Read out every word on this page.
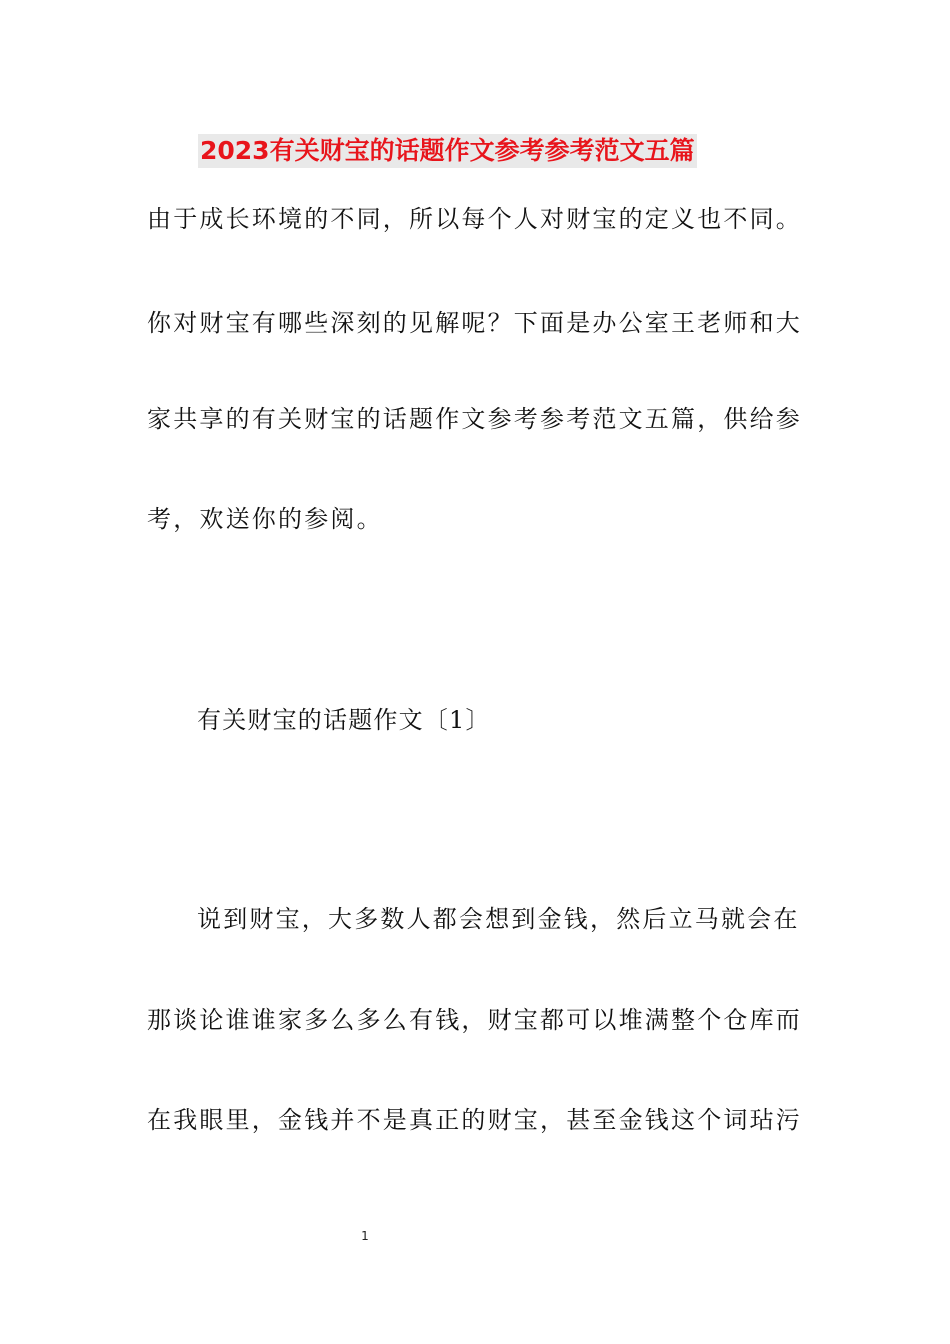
2023有关财宝的话题作文参考参考范文五篇
由于成长环境的不同，所以每个人对财宝的定义也不同。
你对财宝有哪些深刻的见解呢？下面是办公室王老师和大
家共享的有关财宝的话题作文参考参考范文五篇，供给参
考，欢送你的参阅。
有关财宝的话题作文〔1〕
说到财宝，大多数人都会想到金钱，然后立马就会在
那谈论谁谁家多么多么有钱，财宝都可以堆满整个仓库而
在我眼里，金钱并不是真正的财宝，甚至金钱这个词玷污
1
